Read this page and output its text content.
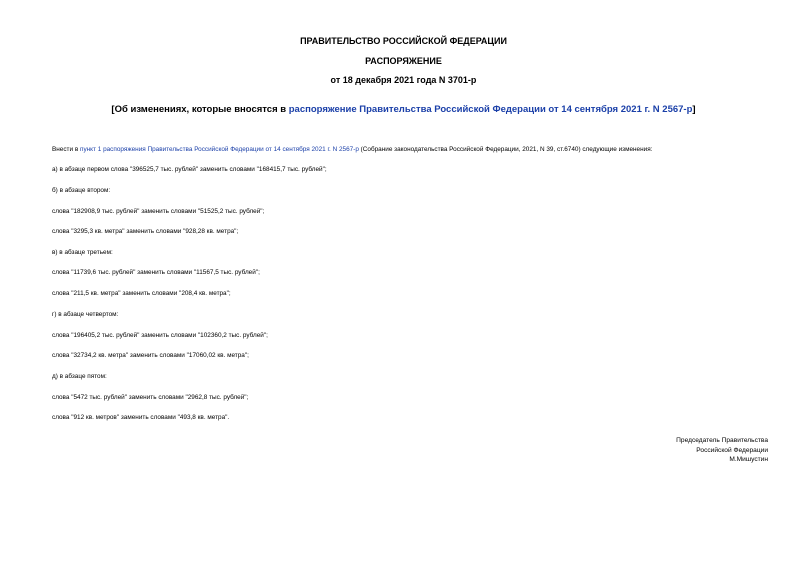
ПРАВИТЕЛЬСТВО РОССИЙСКОЙ ФЕДЕРАЦИИ
РАСПОРЯЖЕНИЕ
от 18 декабря 2021 года N 3701-р
[Об изменениях, которые вносятся в распоряжение Правительства Российской Федерации от 14 сентября 2021 г. N 2567-р]
Внести в пункт 1 распоряжения Правительства Российской Федерации от 14 сентября 2021 г. N 2567-р (Собрание законодательства Российской Федерации, 2021, N 39, ст.6740) следующие изменения:
а) в абзаце первом слова "396525,7 тыс. рублей" заменить словами "168415,7 тыс. рублей";
б) в абзаце втором:
слова "182908,9 тыс. рублей" заменить словами "51525,2 тыс. рублей";
слова "3295,3 кв. метра" заменить словами "928,28 кв. метра";
в) в абзаце третьем:
слова "11739,6 тыс. рублей" заменить словами "11567,5 тыс. рублей";
слова "211,5 кв. метра" заменить словами "208,4 кв. метра";
г) в абзаце четвертом:
слова "196405,2 тыс. рублей" заменить словами "102360,2 тыс. рублей";
слова "32734,2 кв. метра" заменить словами "17060,02 кв. метра";
д) в абзаце пятом:
слова "5472 тыс. рублей" заменить словами "2962,8 тыс. рублей";
слова "912 кв. метров" заменить словами "493,8 кв. метра".
Председатель Правительства
Российской Федерации
М.Мишустин
